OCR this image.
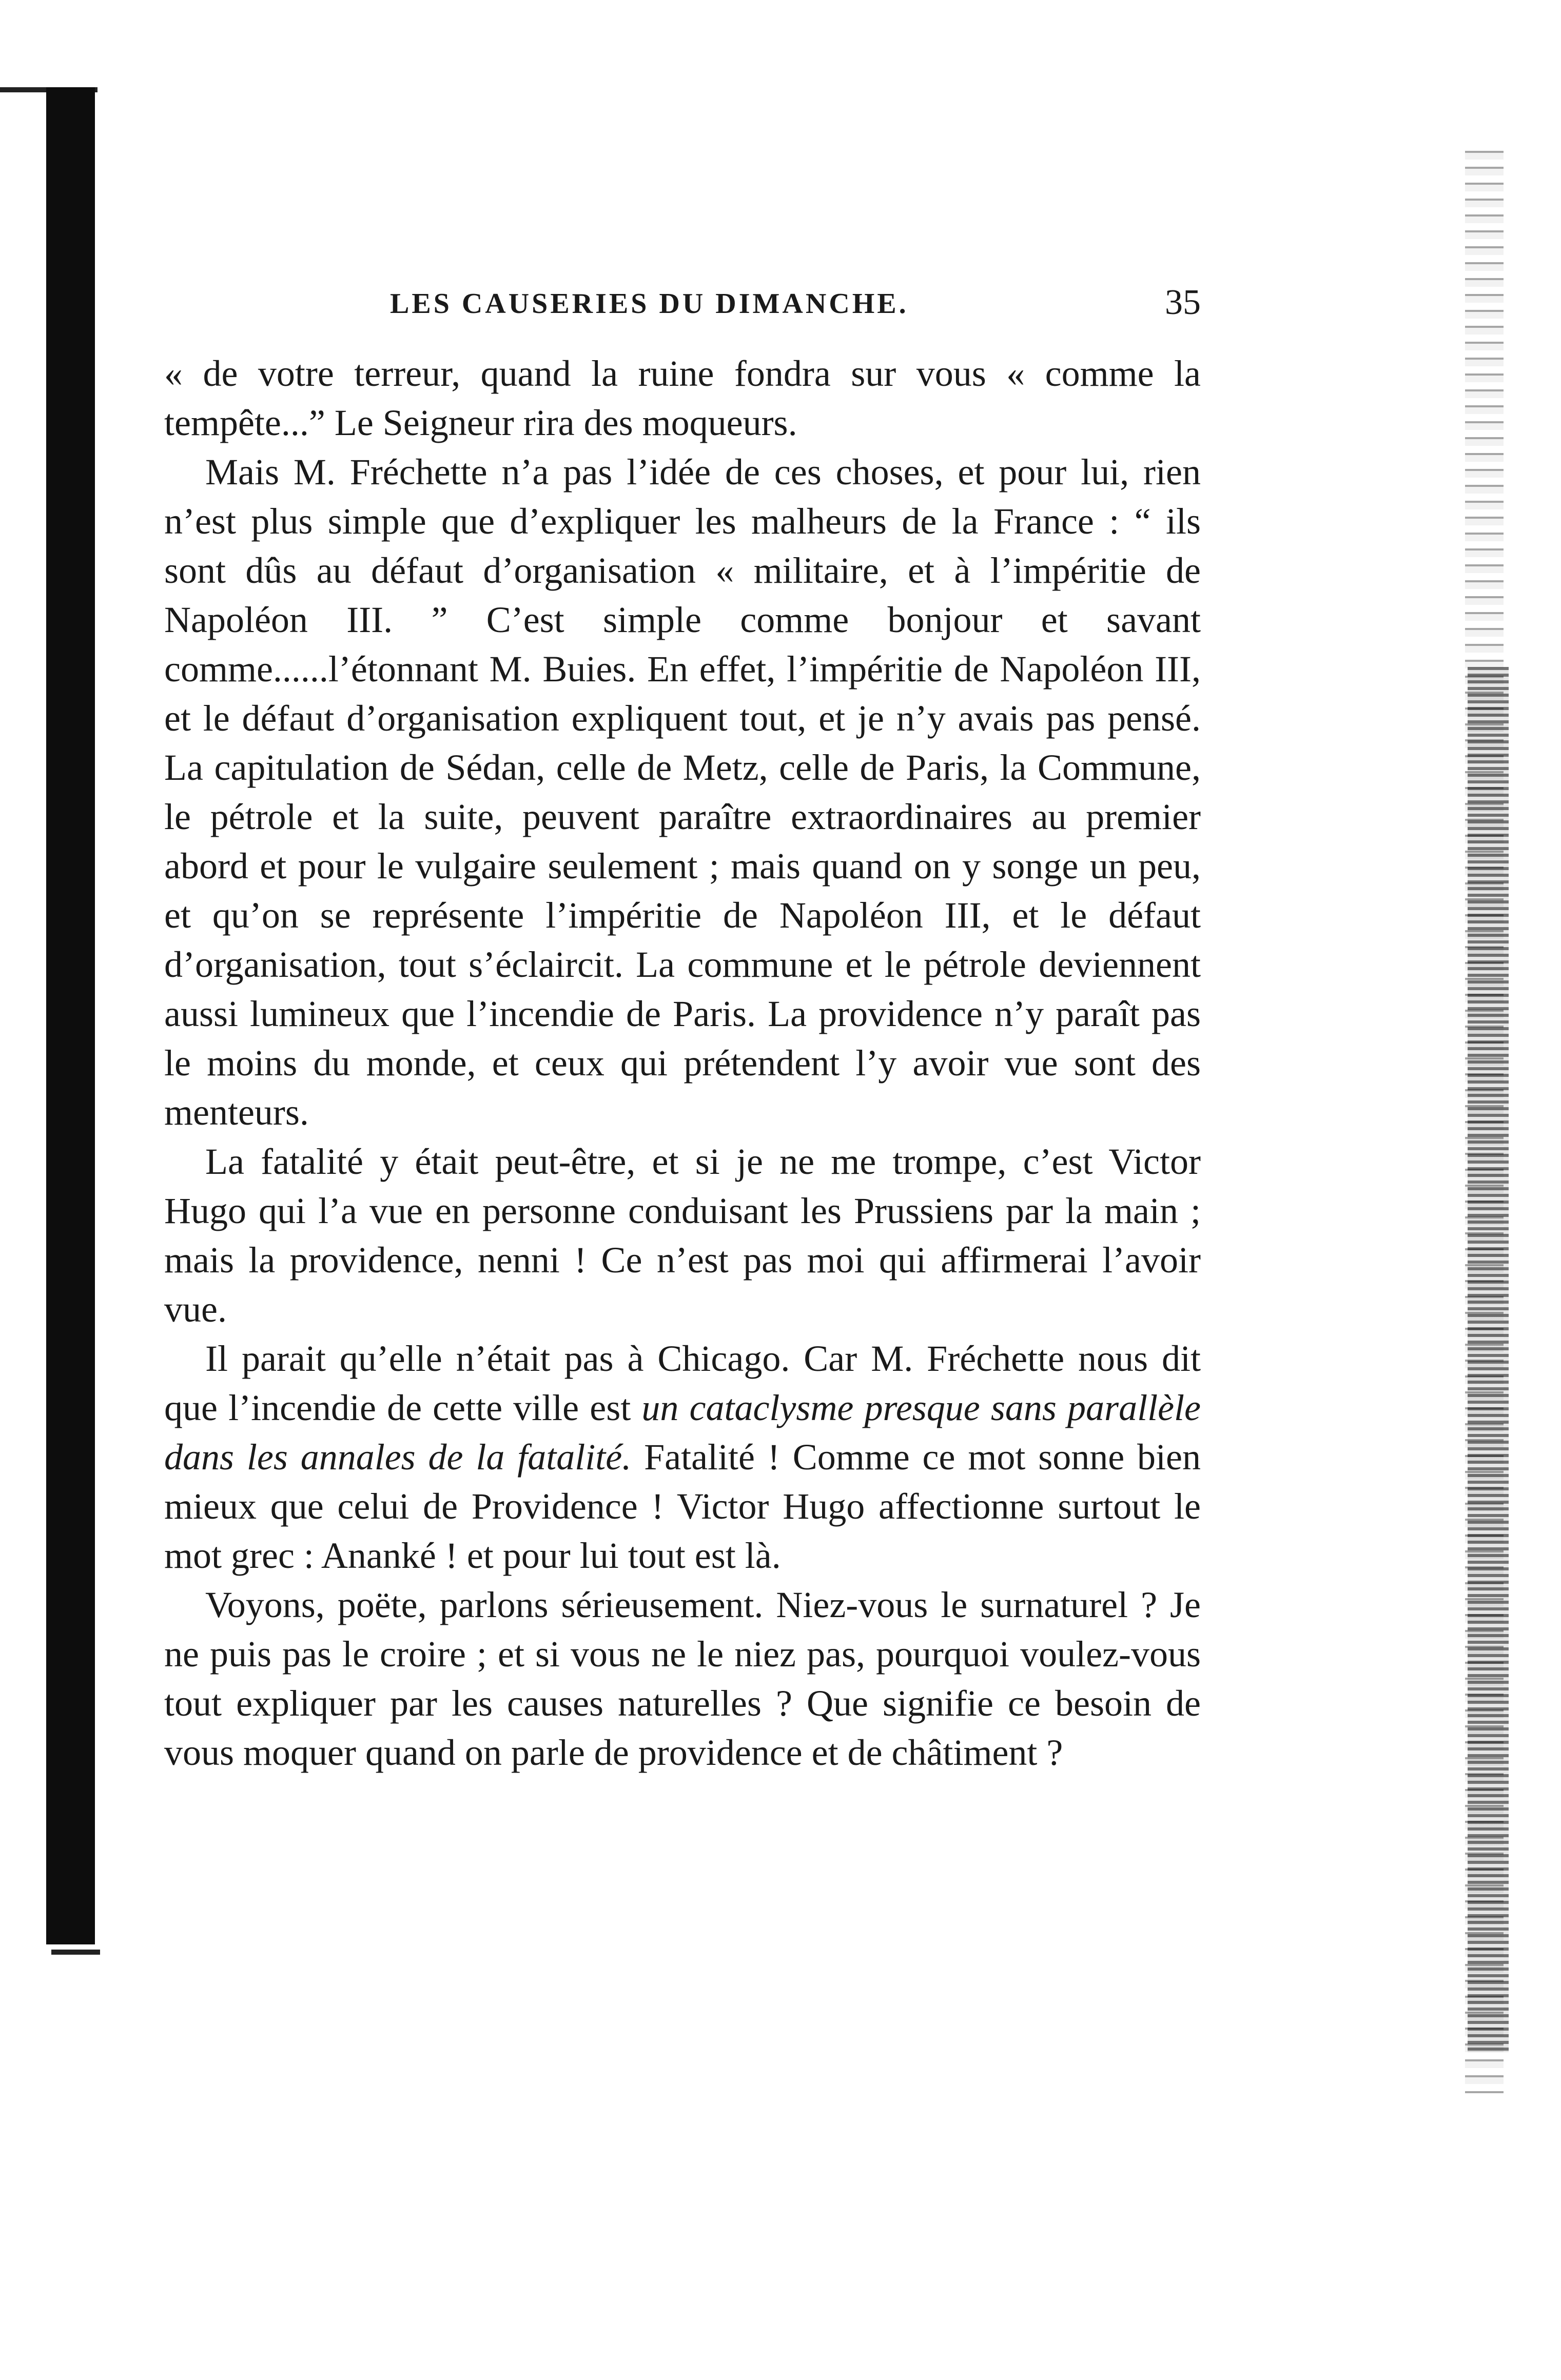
LES CAUSERIES DU DIMANCHE.	35

« de votre terreur, quand la ruine fondra sur vous « comme la tempête...” Le Seigneur rira des moqueurs.

Mais M. Fréchette n’a pas l’idée de ces choses, et pour lui, rien n’est plus simple que d’expliquer les malheurs de la France : “ ils sont dûs au défaut d’organisation « militaire, et à l’impéritie de Napoléon III. ” C’est simple comme bonjour et savant comme......l’étonnant M. Buies. En effet, l’impéritie de Napoléon III, et le défaut d’organisation expliquent tout, et je n’y avais pas pensé. La capitulation de Sédan, celle de Metz, celle de Paris, la Commune, le pétrole et la suite, peuvent paraître extraordinaires au premier abord et pour le vulgaire seulement ; mais quand on y songe un peu, et qu’on se représente l’impéritie de Napoléon III, et le défaut d’organisation, tout s’éclaircit. La commune et le pétrole deviennent aussi lumineux que l’incendie de Paris. La providence n’y paraît pas le moins du monde, et ceux qui prétendent l’y avoir vue sont des menteurs.

La fatalité y était peut-être, et si je ne me trompe, c’est Victor Hugo qui l’a vue en personne conduisant les Prussiens par la main ; mais la providence, nenni ! Ce n’est pas moi qui affirmerai l’avoir vue.

Il parait qu’elle n’était pas à Chicago. Car M. Fréchette nous dit que l’incendie de cette ville est un cataclysme presque sans parallèle dans les annales de la fatalité. Fatalité ! Comme ce mot sonne bien mieux que celui de Providence ! Victor Hugo affectionne surtout le mot grec : Ananké ! et pour lui tout est là.

Voyons, poëte, parlons sérieusement. Niez-vous le surnaturel ? Je ne puis pas le croire ; et si vous ne le niez pas, pourquoi voulez-vous tout expliquer par les causes naturelles ? Que signifie ce besoin de vous moquer quand on parle de providence et de châtiment ?
